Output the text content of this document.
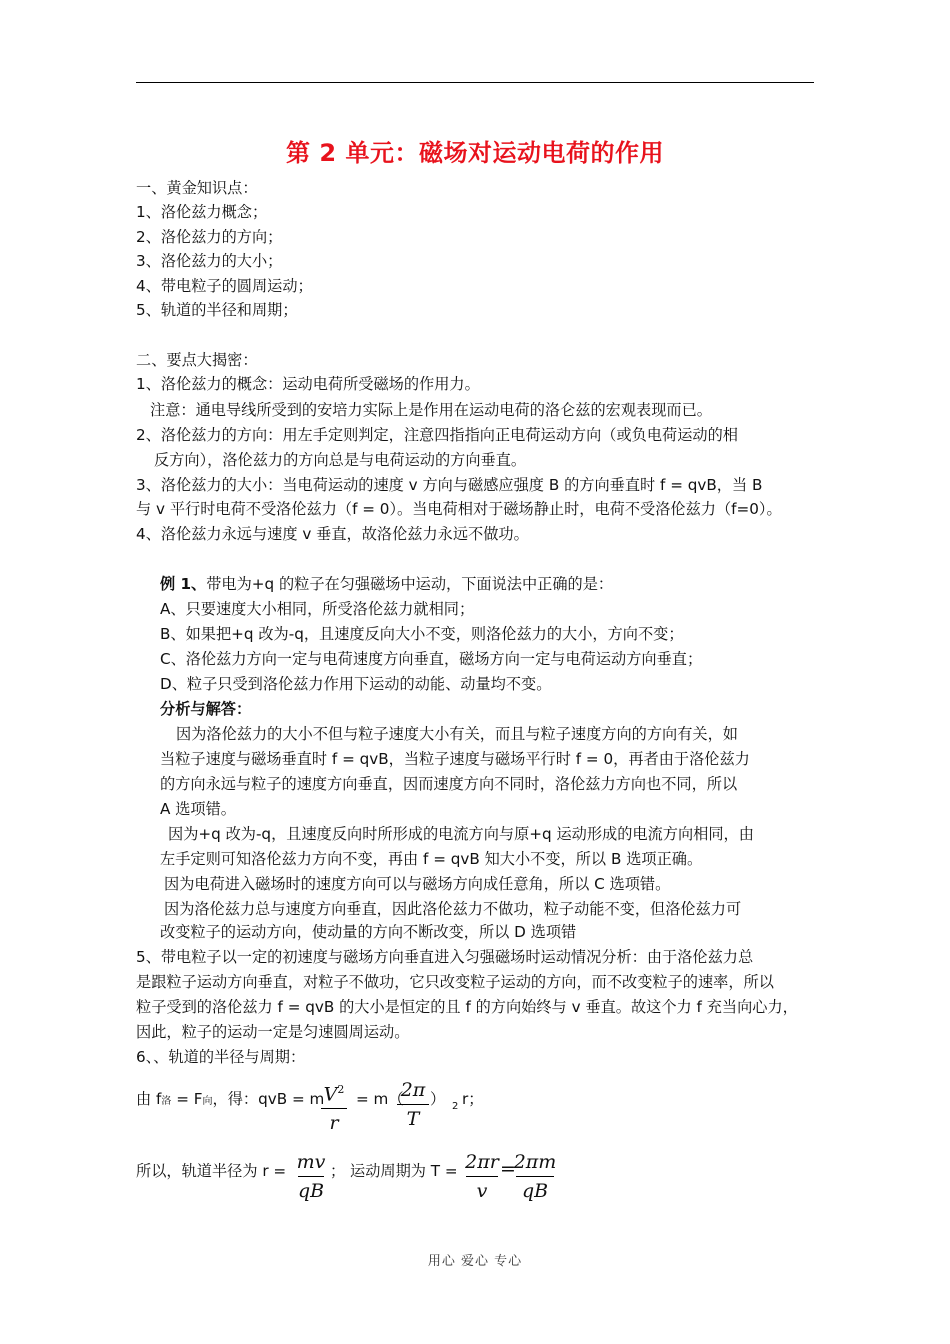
第 2 单元：磁场对运动电荷的作用
一、黄金知识点：
1、洛伦兹力概念；
2、洛伦兹力的方向；
3、洛伦兹力的大小；
4、带电粒子的圆周运动；
5、轨道的半径和周期；
二、要点大揭密：
1、洛伦兹力的概念：运动电荷所受磁场的作用力。
注意：通电导线所受到的安培力实际上是作用在运动电荷的洛仑兹的宏观表现而已。
2、洛伦兹力的方向：用左手定则判定，注意四指指向正电荷运动方向（或负电荷运动的相
反方向），洛伦兹力的方向总是与电荷运动的方向垂直。
3、洛伦兹力的大小：当电荷运动的速度 v 方向与磁感应强度 B 的方向垂直时 f = qvB，当 B
与 v 平行时电荷不受洛伦兹力（f = 0）。当电荷相对于磁场静止时，电荷不受洛伦兹力（f=0）。
4、洛伦兹力永远与速度 v 垂直，故洛伦兹力永远不做功。
例 1、带电为+q 的粒子在匀强磁场中运动，下面说法中正确的是：
A、只要速度大小相同，所受洛伦兹力就相同；
B、如果把+q 改为-q，且速度反向大小不变，则洛伦兹力的大小，方向不变；
C、洛伦兹力方向一定与电荷速度方向垂直，磁场方向一定与电荷运动方向垂直；
D、粒子只受到洛伦兹力作用下运动的动能、动量均不变。
分析与解答：
因为洛伦兹力的大小不但与粒子速度大小有关，而且与粒子速度方向的方向有关，如
当粒子速度与磁场垂直时 f = qvB，当粒子速度与磁场平行时 f = 0，再者由于洛伦兹力
的方向永远与粒子的速度方向垂直，因而速度方向不同时，洛伦兹力方向也不同，所以
A 选项错。
因为+q 改为-q，且速度反向时所形成的电流方向与原+q 运动形成的电流方向相同，由
左手定则可知洛伦兹力方向不变，再由 f = qvB 知大小不变，所以 B 选项正确。
因为电荷进入磁场时的速度方向可以与磁场方向成任意角，所以 C 选项错。
因为洛伦兹力总与速度方向垂直，因此洛伦兹力不做功，粒子动能不变，但洛伦兹力可
改变粒子的运动方向，使动量的方向不断改变，所以 D 选项错
5、带电粒子以一定的初速度与磁场方向垂直进入匀强磁场时运动情况分析：由于洛伦兹力总
是跟粒子运动方向垂直，对粒子不做功，它只改变粒子运动的方向，而不改变粒子的速率，所以
粒子受到的洛伦兹力 f = qvB 的大小是恒定的且 f 的方向始终与 v 垂直。故这个力 f 充当向心力，
因此，粒子的运动一定是匀速圆周运动。
6、、轨道的半径与周期：
由 f洛 = F向，得：qvB = m $V^2$
r
= m（
2π
T
） 2 r；
所以，轨道半径为 r = mv
qB
； 运动周期为 T = 2πr
v
=
2πm
qB
用心 爱心 专心
